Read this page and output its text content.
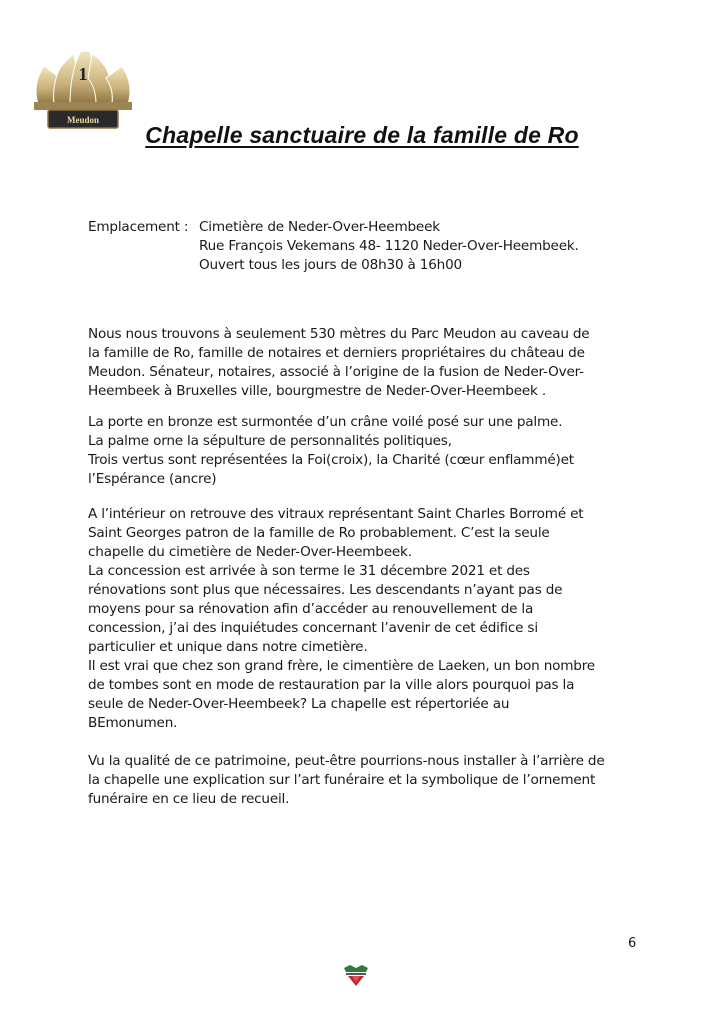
1
Meudon
Chapelle sanctuaire de la famille de Ro
Emplacement : Cimetière de Neder-Over-Heembeek
Rue François Vekemans 48- 1120 Neder-Over-Heembeek.
Ouvert tous les jours de 08h30 à 16h00
Nous nous trouvons à seulement 530 mètres du Parc Meudon au caveau de
la famille de Ro, famille de notaires et derniers propriétaires du château de
Meudon. Sénateur, notaires, associé à l’origine de la fusion de Neder-Over-
Heembeek à Bruxelles ville, bourgmestre de Neder-Over-Heembeek .
La porte en bronze est surmontée d’un crâne voilé posé sur une palme.
La palme orne la sépulture de personnalités politiques,
Trois vertus sont représentées la Foi(croix), la Charité (cœur enflammé)et
l’Espérance (ancre)
A l’intérieur on retrouve des vitraux représentant Saint Charles Borromé et
Saint Georges patron de la famille de Ro probablement. C’est la seule
chapelle du cimetière de Neder-Over-Heembeek.
La concession est arrivée à son terme le 31 décembre 2021 et des
rénovations sont plus que nécessaires. Les descendants n’ayant pas de
moyens pour sa rénovation afin d’accéder au renouvellement de la
concession, j’ai des inquiétudes concernant l’avenir de cet édifice si
particulier et unique dans notre cimetière.
Il est vrai que chez son grand frère, le cimentière de Laeken, un bon nombre
de tombes sont en mode de restauration par la ville alors pourquoi pas la
seule de Neder-Over-Heembeek? La chapelle est répertoriée au
BEmonumen.
Vu la qualité de ce patrimoine, peut-être pourrions-nous installer à l’arrière de
la chapelle une explication sur l’art funéraire et la symbolique de l’ornement
funéraire en ce lieu de recueil.
6
